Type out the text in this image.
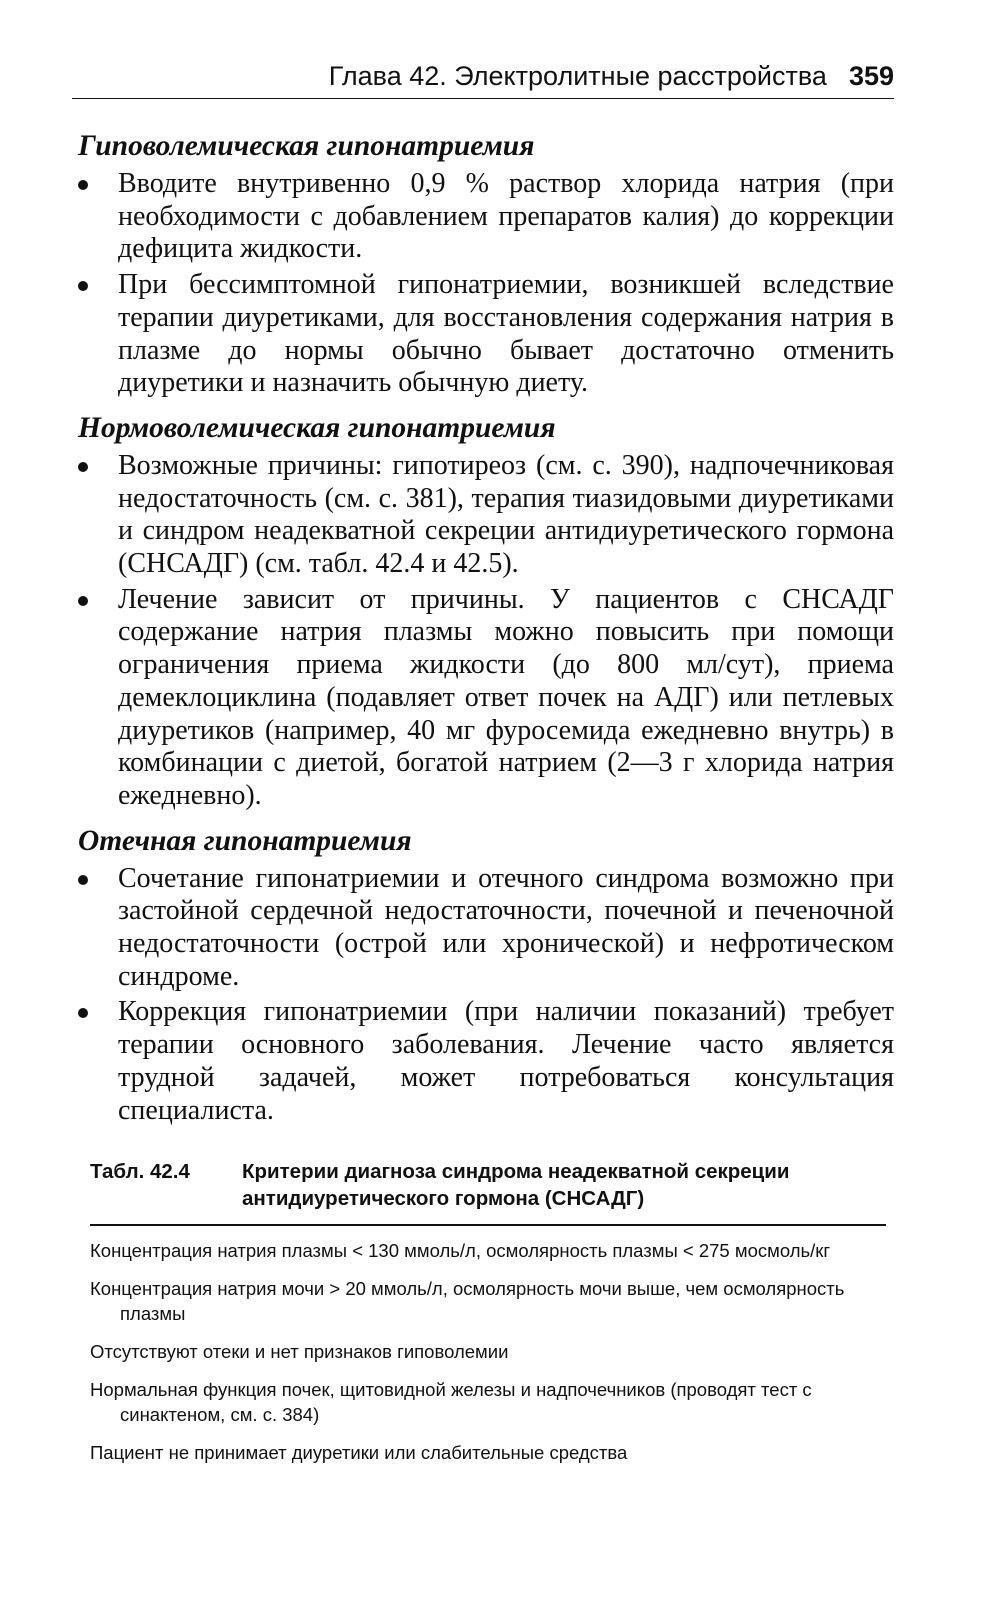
Глава 42. Электролитные расстройства 359
Гиповолемическая гипонатриемия
Вводите внутривенно 0,9 % раствор хлорида натрия (при необходимости с добавлением препаратов калия) до коррекции дефицита жидкости.
При бессимптомной гипонатриемии, возникшей вследствие терапии диуретиками, для восстановления содержания натрия в плазме до нормы обычно бывает достаточно отменить диуретики и назначить обычную диету.
Нормоволемическая гипонатриемия
Возможные причины: гипотиреоз (см. с. 390), надпочечниковая недостаточность (см. с. 381), терапия тиазидовыми диуретиками и синдром неадекватной секреции антидиуретического гормона (СНСАДГ) (см. табл. 42.4 и 42.5).
Лечение зависит от причины. У пациентов с СНСАДГ содержание натрия плазмы можно повысить при помощи ограничения приема жидкости (до 800 мл/сут), приема демеклоциклина (подавляет ответ почек на АДГ) или петлевых диуретиков (например, 40 мг фуросемида ежедневно внутрь) в комбинации с диетой, богатой натрием (2—3 г хлорида натрия ежедневно).
Отечная гипонатриемия
Сочетание гипонатриемии и отечного синдрома возможно при застойной сердечной недостаточности, почечной и печеночной недостаточности (острой или хронической) и нефротическом синдроме.
Коррекция гипонатриемии (при наличии показаний) требует терапии основного заболевания. Лечение часто является трудной задачей, может потребоваться консультация специалиста.
Табл. 42.4	Критерии диагноза синдрома неадекватной секреции антидиуретического гормона (СНСАДГ)
Концентрация натрия плазмы < 130 ммоль/л, осмолярность плазмы < 275 мосмоль/кг
Концентрация натрия мочи > 20 ммоль/л, осмолярность мочи выше, чем осмолярность плазмы
Отсутствуют отеки и нет признаков гиповолемии
Нормальная функция почек, щитовидной железы и надпочечников (проводят тест с синактеном, см. с. 384)
Пациент не принимает диуретики или слабительные средства
